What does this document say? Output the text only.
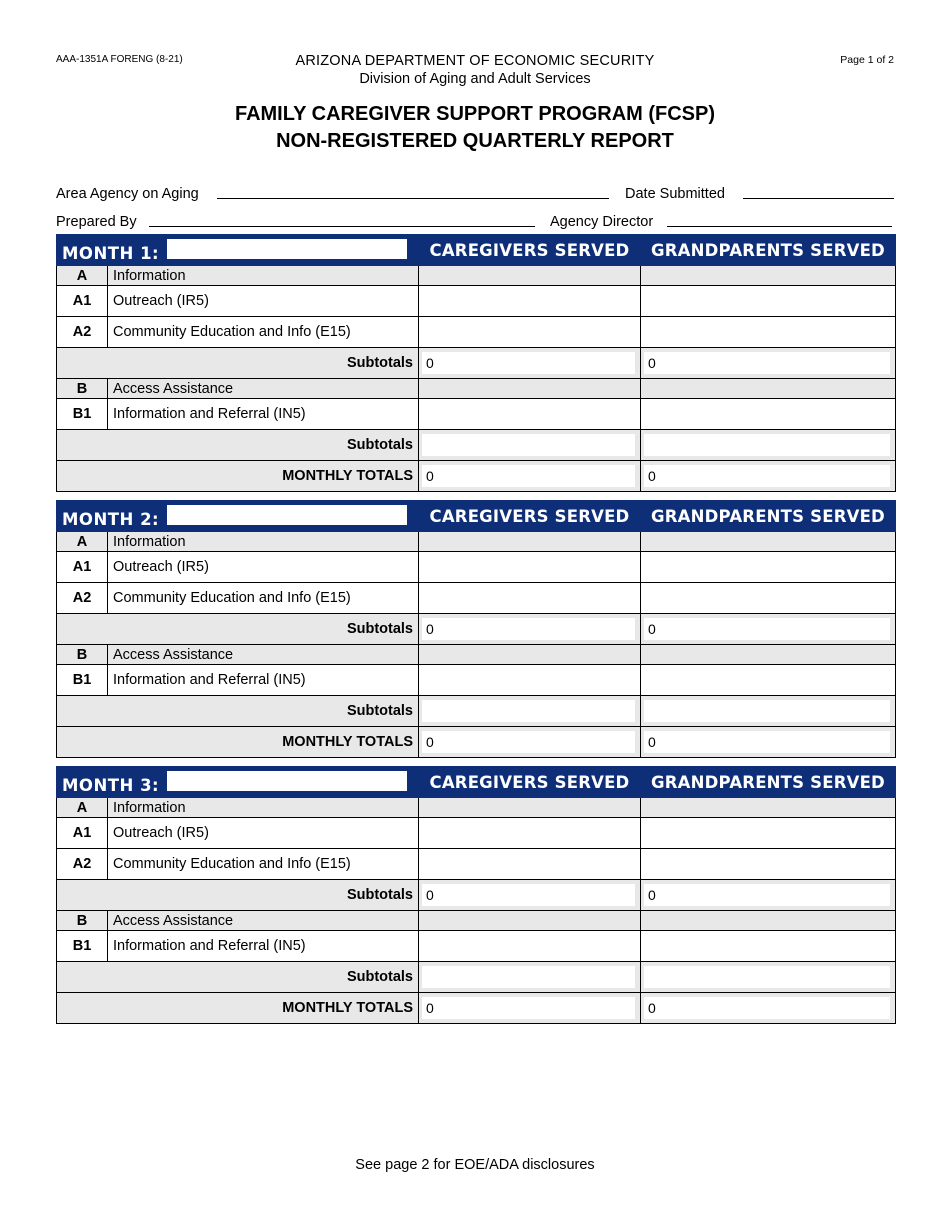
AAA-1351A FORENG (8-21)	Page 1 of 2
ARIZONA DEPARTMENT OF ECONOMIC SECURITY
Division of Aging and Adult Services
FAMILY CAREGIVER SUPPORT PROGRAM (FCSP)
NON-REGISTERED QUARTERLY REPORT
Area Agency on Aging	Date Submitted
Prepared By	Agency Director
MONTH 1:		CAREGIVERS SERVED	GRANDPARENTS SERVED
A	Information		
A1	Outreach (IR5)		
A2	Community Education and Info (E15)		
Subtotals		0	0

B	Access Assistance		
B1	Information and Referral (IN5)		
Subtotals		

MONTHLY TOTALS		0	0
MONTH 2:		CAREGIVERS SERVED	GRANDPARENTS SERVED
A	Information		
A1	Outreach (IR5)		
A2	Community Education and Info (E15)		
Subtotals		0	0

B	Access Assistance		
B1	Information and Referral (IN5)		
Subtotals		

MONTHLY TOTALS		0	0
MONTH 3:		CAREGIVERS SERVED	GRANDPARENTS SERVED
A	Information		
A1	Outreach (IR5)		
A2	Community Education and Info (E15)		
Subtotals		0	0

B	Access Assistance		
B1	Information and Referral (IN5)		
Subtotals		

MONTHLY TOTALS		0	0
See page 2 for EOE/ADA disclosures
